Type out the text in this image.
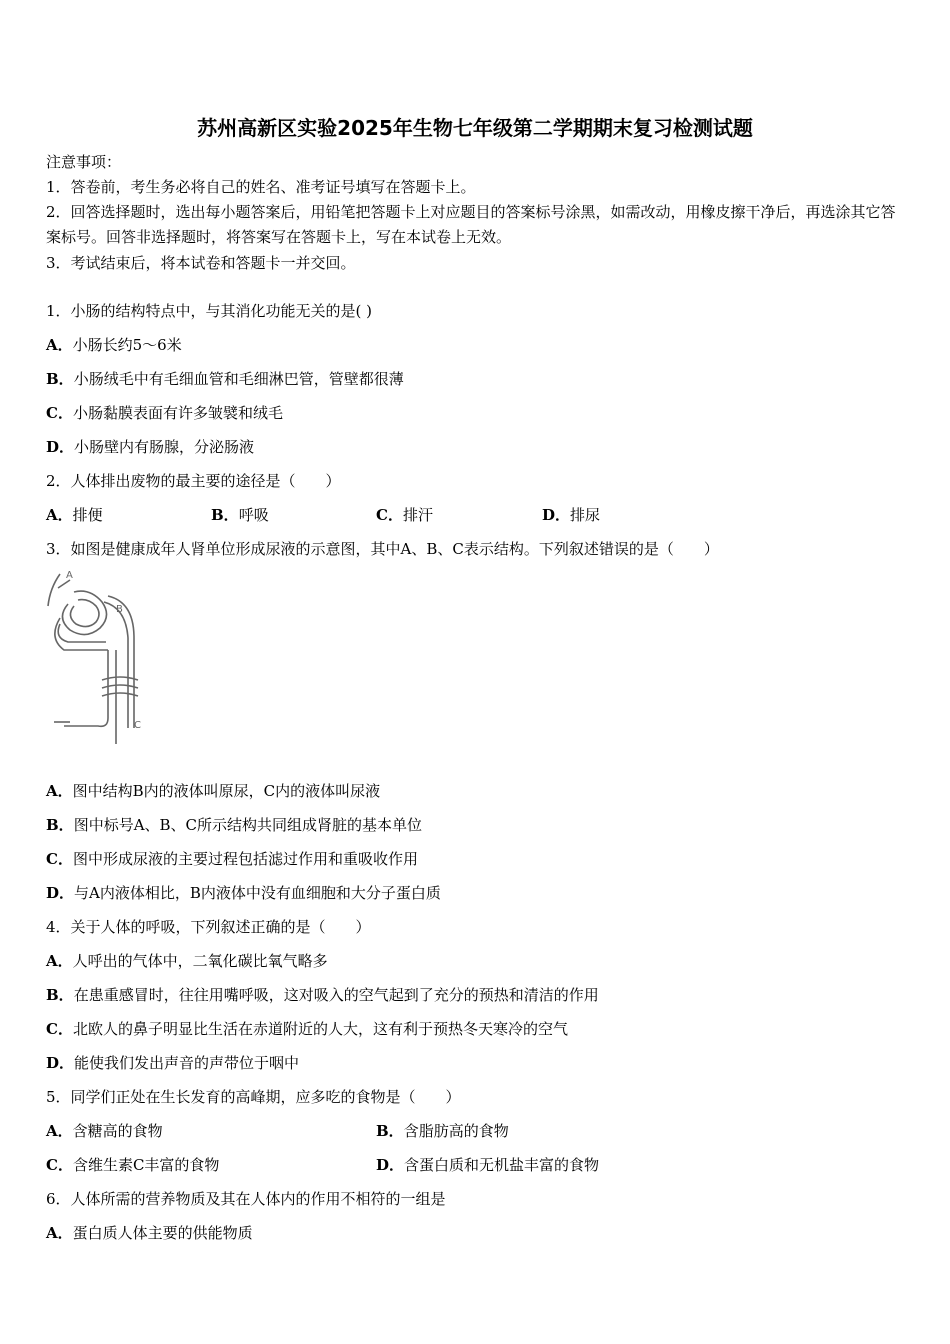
苏州高新区实验2025年生物七年级第二学期期末复习检测试题
注意事项：
1．答卷前，考生务必将自己的姓名、准考证号填写在答题卡上。
2．回答选择题时，选出每小题答案后，用铅笔把答题卡上对应题目的答案标号涂黑，如需改动，用橡皮擦干净后，再选涂其它答案标号。回答非选择题时，将答案写在答题卡上，写在本试卷上无效。
3．考试结束后，将本试卷和答题卡一并交回。
1．小肠的结构特点中，与其消化功能无关的是( )
A．小肠长约5～6米
B．小肠绒毛中有毛细血管和毛细淋巴管，管壁都很薄
C．小肠黏膜表面有许多皱襞和绒毛
D．小肠壁内有肠腺，分泌肠液
2．人体排出废物的最主要的途径是（　　）
A．排便	B．呼吸	C．排汗	D．排尿
3．如图是健康成年人肾单位形成尿液的示意图，其中A、B、C表示结构。下列叙述错误的是（　　）
A
B
C
A．图中结构B内的液体叫原尿，C内的液体叫尿液
B．图中标号A、B、C所示结构共同组成肾脏的基本单位
C．图中形成尿液的主要过程包括滤过作用和重吸收作用
D．与A内液体相比，B内液体中没有血细胞和大分子蛋白质
4．关于人体的呼吸，下列叙述正确的是（　　）
A．人呼出的气体中，二氧化碳比氧气略多
B．在患重感冒时，往往用嘴呼吸，这对吸入的空气起到了充分的预热和清洁的作用
C．北欧人的鼻子明显比生活在赤道附近的人大，这有利于预热冬天寒冷的空气
D．能使我们发出声音的声带位于咽中
5．同学们正处在生长发育的高峰期，应多吃的食物是（　　）
A．含糖高的食物	B．含脂肪高的食物
C．含维生素C丰富的食物	D．含蛋白质和无机盐丰富的食物
6．人体所需的营养物质及其在人体内的作用不相符的一组是
A．蛋白质人体主要的供能物质
